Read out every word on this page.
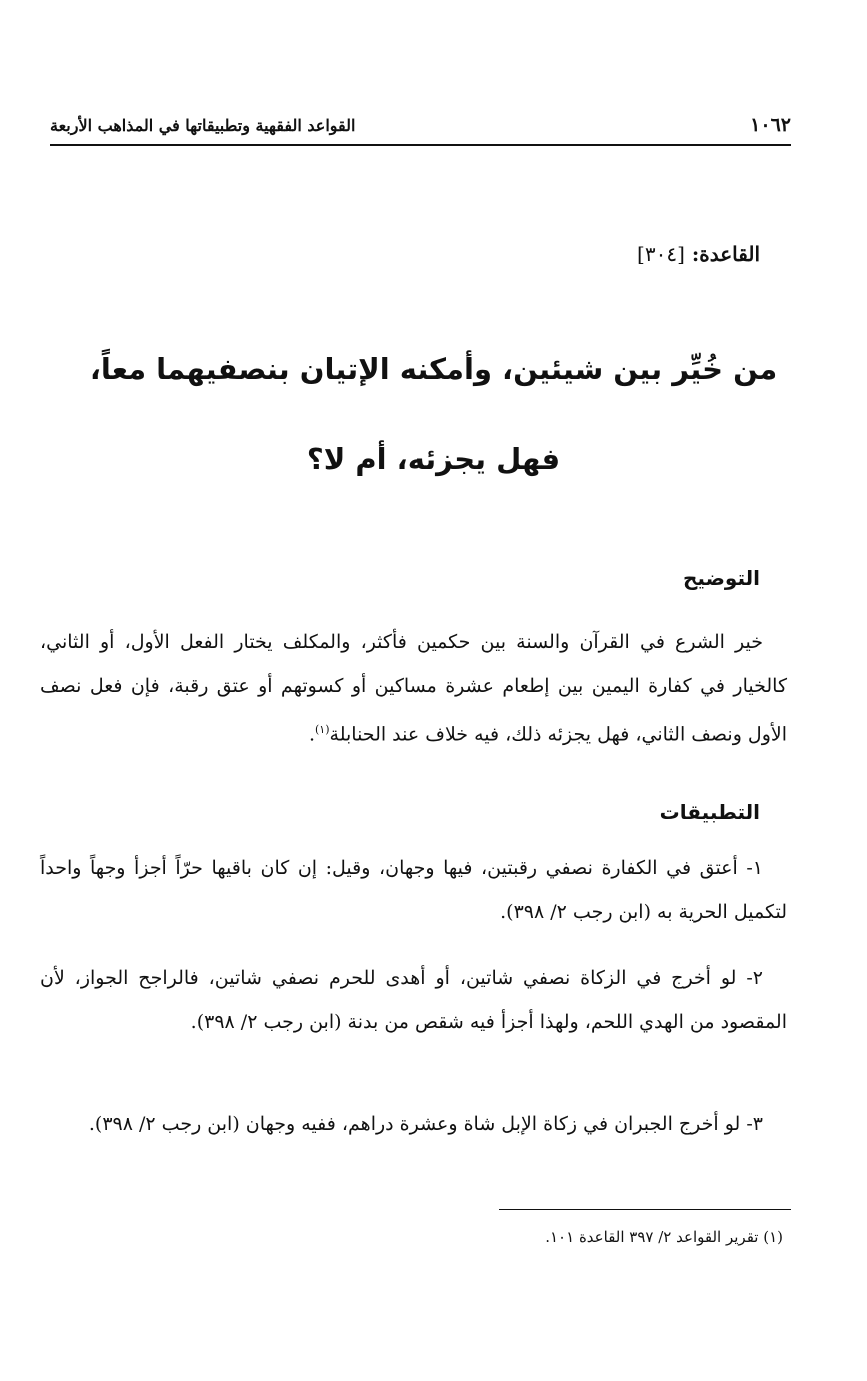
١٠٦٢
القواعد الفقهية وتطبيقاتها في المذاهب الأربعة
القاعدة: [٣٠٤]
من خُيِّر بين شيئين، وأمكنه الإتيان بنصفيهما معاً،
فهل يجزئه، أم لا؟
التوضيح

خير الشرع في القرآن والسنة بين حكمين فأكثر، والمكلف يختار الفعل الأول، أو الثاني، كالخيار في كفارة اليمين بين إطعام عشرة مساكين أو كسوتهم أو عتق رقبة، فإن فعل نصف الأول ونصف الثاني، فهل يجزئه ذلك، فيه خلاف عند الحنابلة$^{(١)}$.

التطبيقات

١- أعتق في الكفارة نصفي رقبتين، فيها وجهان، وقيل: إن كان باقيها حرّاً أجزأ وجهاً واحداً لتكميل الحرية به (ابن رجب ٢/ ٣٩٨).

٢- لو أخرج في الزكاة نصفي شاتين، أو أهدى للحرم نصفي شاتين، فالراجح الجواز، لأن المقصود من الهدي اللحم، ولهذا أجزأ فيه شقص من بدنة (ابن رجب ٢/ ٣٩٨).

٣- لو أخرج الجبران في زكاة الإبل شاة وعشرة دراهم، ففيه وجهان (ابن رجب ٢/ ٣٩٨).

(١) تقرير القواعد ٢/ ٣٩٧ القاعدة ١٠١.
